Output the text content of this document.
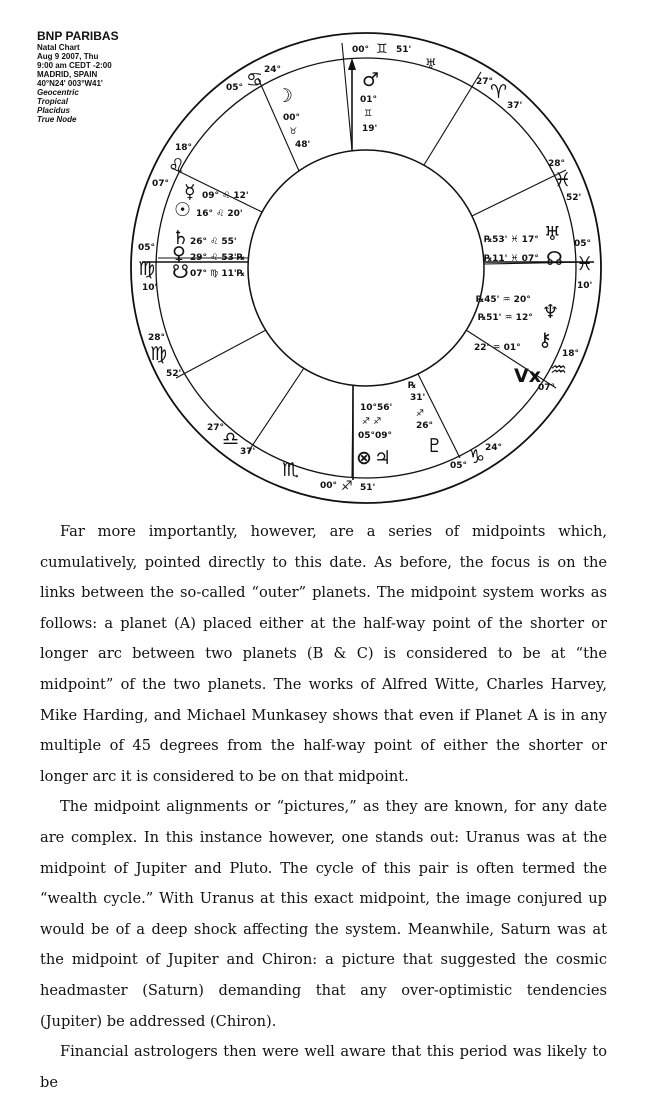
BNP PARIBAS
Natal Chart
Aug 9 2007, Thu
9:00 am CEDT -2:00
MADRID, SPAIN
40°N24' 003°W41'
Geocentric
Tropical
Placidus
True Node
00° ♊ 51'
♅
27°
♈
37'
28°
♓
52'
05°
♓
10'
18°
♒
07°
05° ♑ 24°
00° ♐ 51'
♏
27°
♎
37'
28°
♍
52'
05°
♍
10'
18°
♌
07°
05° ♋ 24°	♂
01°
♊
19'
☽
00°
♉
48'
☿ 09° ♌ 12'
☉ 16° ♌ 20'
♄ 26° ♌ 55'
♀ 29° ♌ 53'℞
☋ 07° ♍ 11'℞
℞53' ♓ 17° ♅
℞11' ♓ 07° ☊
℞45' ♒ 20°
♆
℞51' ♒ 12°
⚷
22' ♒ 01°
Vx
℞
31'
♐
26°
♇
10°56'
♐ ♐
05°09°
⊗ ♃

Far more importantly, however, are a series of midpoints which, cumulatively, pointed directly to this date. As before, the focus is on the links between the so-called “outer” planets. The midpoint system works as follows: a planet (A) placed either at the half-way point of the shorter or longer arc between two planets (B & C) is considered to be at “the midpoint” of the two planets. The works of Alfred Witte, Charles Harvey, Mike Harding, and Michael Munkasey shows that even if Planet A is in any multiple of 45 degrees from the half-way point of either the shorter or longer arc it is considered to be on that midpoint.

The midpoint alignments or “pictures,” as they are known, for any date are complex. In this instance however, one stands out: Uranus was at the midpoint of Jupiter and Pluto. The cycle of this pair is often termed the “wealth cycle.” With Uranus at this exact midpoint, the image conjured up would be of a deep shock affecting the system. Meanwhile, Saturn was at the midpoint of Jupiter and Chiron: a picture that suggested the cosmic headmaster (Saturn) demanding that any over-optimistic tendencies (Jupiter) be addressed (Chiron).

Financial astrologers then were well aware that this period was likely to be
